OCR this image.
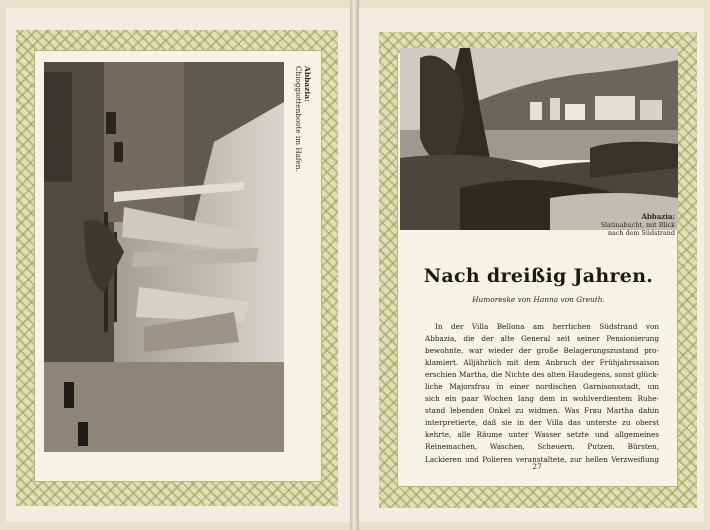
Abbazia:
Chioggiottenboote im Hafen.
Abbazia:
Slatinabucht, mit Blick
nach dem Südstrand
Nach dreißig Jahren.
Humoreske von Hanna von Greuth.
In der Villa Bellona am herrlichen Südstrand von
Abbazia, die der alte General seit seiner Pensionierung
bewohnte, war wieder der große Belagerungszustand pro-
klamiert. Alljährlich mit dem Anbruch der Frühjahrssaison
erschien Martha, die Nichte des alten Haudegens, sonst glück-
liche Majorsfrau in einer nordischen Garnisonsstadt, um
sich ein paar Wochen lang dem in wohlverdientem Ruhe-
stand lebenden Onkel zu widmen. Was Frau Martha dahin
interpretierte, daß sie in der Villa das unterste zu oberst
kehrte, alle Räume unter Wasser setzte und allgemeines
Reinemachen, Waschen, Scheuern, Putzen, Bürsten,
Lackieren und Polieren veranstaltete, zur hellen Verzweiflung
27
